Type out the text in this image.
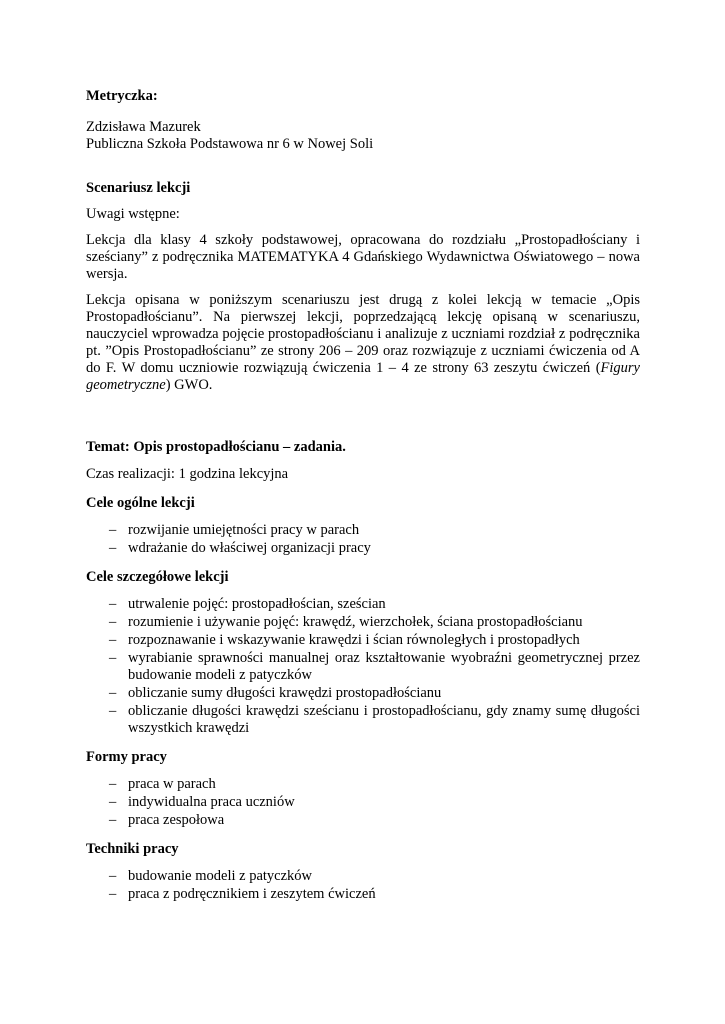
Metryczka:

Zdzisława Mazurek

Publiczna Szkoła Podstawowa nr 6 w Nowej Soli

Scenariusz lekcji

Uwagi wstępne:

Lekcja dla klasy 4 szkoły podstawowej, opracowana do rozdziału „Prostopadłościany i sześciany” z podręcznika MATEMATYKA 4 Gdańskiego Wydawnictwa Oświatowego – nowa wersja.

Lekcja opisana w poniższym scenariuszu jest drugą z kolei lekcją w temacie „Opis Prostopadłościanu”. Na pierwszej lekcji, poprzedzającą lekcję opisaną w scenariuszu, nauczyciel wprowadza pojęcie prostopadłościanu i analizuje z uczniami rozdział z podręcznika pt. ”Opis Prostopadłościanu” ze strony 206 – 209 oraz rozwiązuje z uczniami ćwiczenia od A do F. W domu uczniowie rozwiązują ćwiczenia 1 – 4 ze strony 63 zeszytu ćwiczeń (Figury geometryczne) GWO.

Temat: Opis prostopadłościanu – zadania.

Czas realizacji: 1 godzina lekcyjna

Cele ogólne lekcji

– rozwijanie umiejętności pracy w parach
– wdrażanie do właściwej organizacji pracy

Cele szczegółowe lekcji

– utrwalenie pojęć: prostopadłościan, sześcian
– rozumienie i używanie pojęć: krawędź, wierzchołek, ściana prostopadłościanu
– rozpoznawanie i wskazywanie krawędzi i ścian równoległych i prostopadłych
– wyrabianie sprawności manualnej oraz kształtowanie wyobraźni geometrycznej przez budowanie modeli z patyczków
– obliczanie sumy długości krawędzi prostopadłościanu
– obliczanie długości krawędzi sześcianu i prostopadłościanu, gdy znamy sumę długości wszystkich krawędzi

Formy pracy

– praca w parach
– indywidualna praca uczniów
– praca zespołowa

Techniki pracy

– budowanie modeli z patyczków
– praca z podręcznikiem i zeszytem ćwiczeń
